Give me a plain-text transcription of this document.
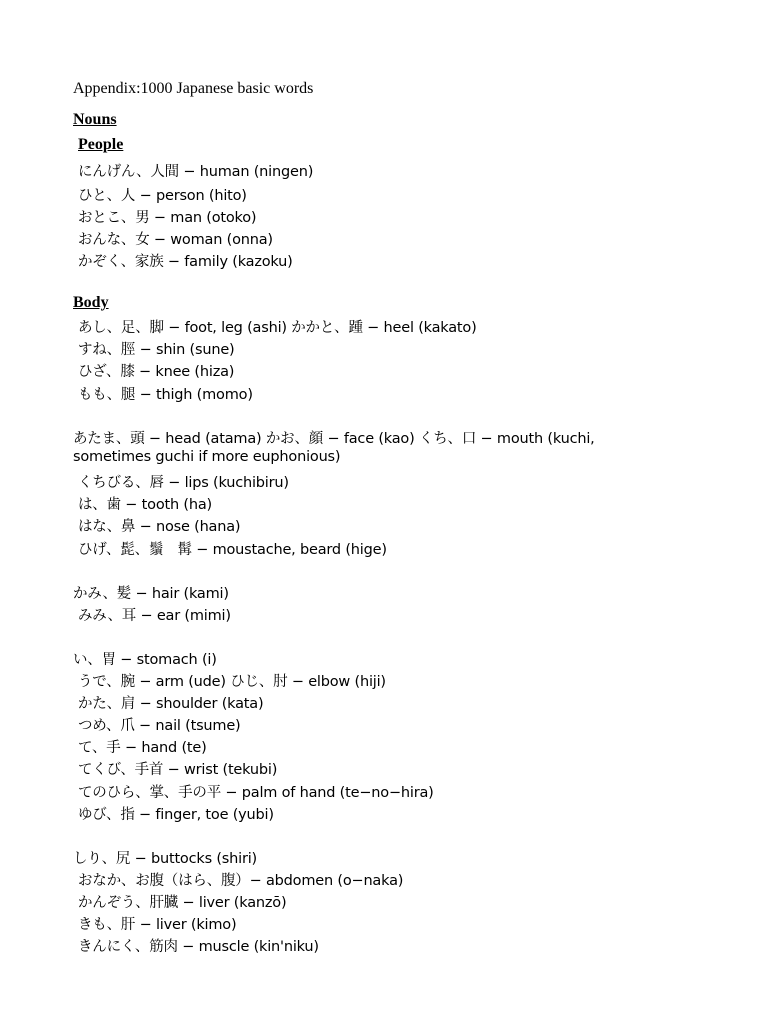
Appendix:1000 Japanese basic words
Nouns
People
にんげん、人間 − human (ningen)
ひと、人 − person (hito)
おとこ、男 − man (otoko)
おんな、女 − woman (onna)
かぞく、家族 − family (kazoku)
Body
あし、足、脚 − foot, leg (ashi) かかと、踵 − heel (kakato)
すね、脛 − shin (sune)
ひざ、膝 − knee (hiza)
もも、腿 − thigh (momo)
あたま、頭 − head (atama) かお、顔 − face (kao) くち、口 − mouth (kuchi,
sometimes guchi if more euphonious)
くちびる、唇 − lips (kuchibiru)
は、歯 − tooth (ha)
はな、鼻 − nose (hana)
ひげ、髭、鬚　髯 − moustache, beard (hige)
かみ、髪 − hair (kami)
みみ、耳 − ear (mimi)
い、胃 − stomach (i)
うで、腕 − arm (ude) ひじ、肘 − elbow (hiji)
かた、肩 − shoulder (kata)
つめ、爪 − nail (tsume)
て、手 − hand (te)
てくび、手首 − wrist (tekubi)
てのひら、掌、手の平 − palm of hand (te−no−hira)
ゆび、指 − finger, toe (yubi)
しり、尻 − buttocks (shiri)
おなか、お腹（はら、腹）− abdomen (o−naka)
かんぞう、肝臓 − liver (kanzō)
きも、肝 − liver (kimo)
きんにく、筋肉 − muscle (kin'niku)
